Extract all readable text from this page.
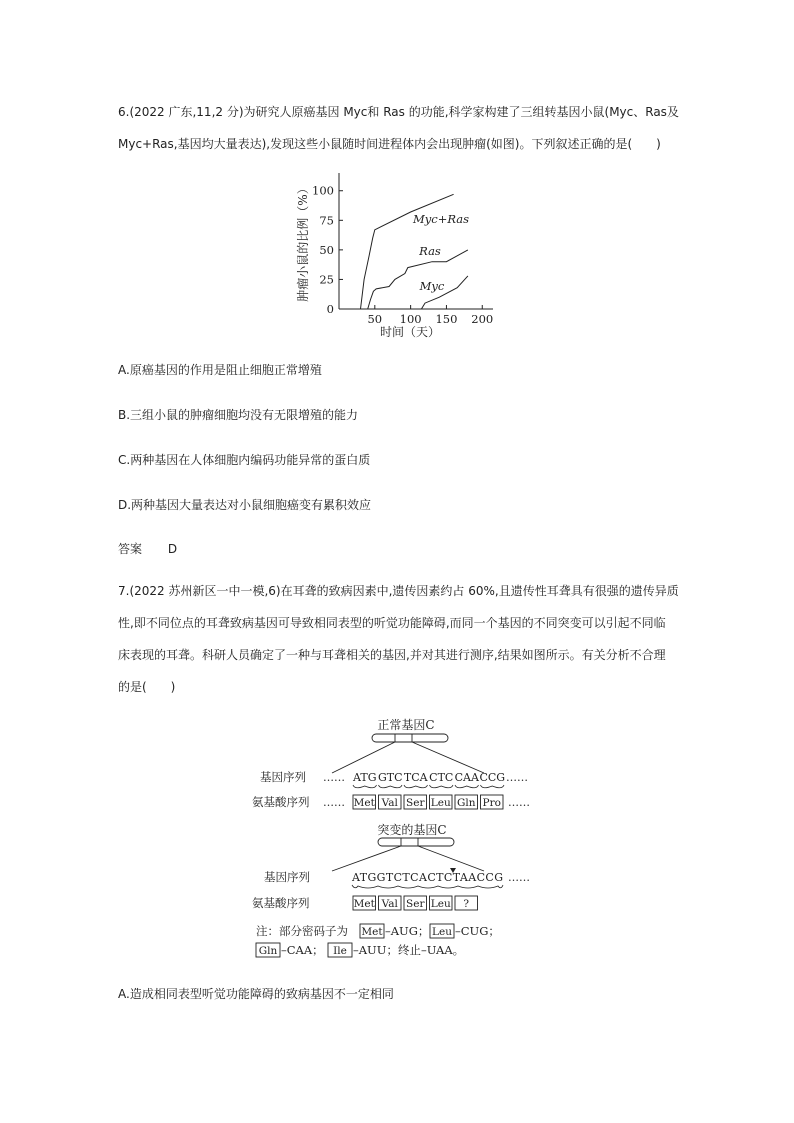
6.(2022 广东,11,2 分)为研究人原癌基因 Myc和 Ras 的功能,科学家构建了三组转基因小鼠(Myc、Ras及
Myc+Ras,基因均大量表达),发现这些小鼠随时间进程体内会出现肿瘤(如图)。下列叙述正确的是(　　)
0
25
50
75
100
50 100 150 200
Myc+Ras
Ras
Myc
时间（天）
肿瘤小鼠的比例（%）
A.原癌基因的作用是阻止细胞正常增殖
B.三组小鼠的肿瘤细胞均没有无限增殖的能力
C.两种基因在人体细胞内编码功能异常的蛋白质
D.两种基因大量表达对小鼠细胞癌变有累积效应
答案 D
7.(2022 苏州新区一中一模,6)在耳聋的致病因素中,遗传因素约占 60%,且遗传性耳聋具有很强的遗传异质
性,即不同位点的耳聋致病基因可导致相同表型的听觉功能障碍,而同一个基因的不同突变可以引起不同临
床表现的耳聋。科研人员确定了一种与耳聋相关的基因,并对其进行测序,结果如图所示。有关分析不合理
的是(　　)
正常基因C
基因序列 …… ATG GTC TCA CTC CAA CCG ……
氨基酸序列 …… Met Val Ser Leu Gln Pro ……
突变的基因C
基因序列	ATGGTCTCACTCTAACCG ……
氨基酸序列	Met Val Ser Leu ?
注：部分密码子为 Met –AUG； Leu –CUG；
Gln –CAA； Ile –AUU；终止–UAA。
A.造成相同表型听觉功能障碍的致病基因不一定相同
